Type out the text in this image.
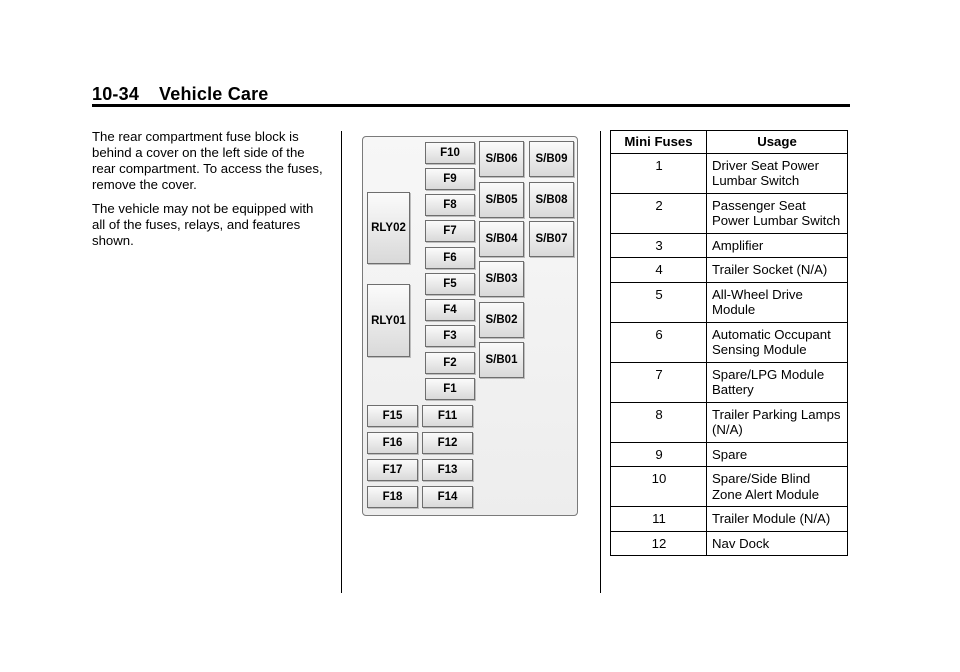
10-34 Vehicle Care
The rear compartment fuse block is behind a cover on the left side of the rear compartment. To access the fuses, remove the cover.
The vehicle may not be equipped with all of the fuses, relays, and features shown.
RLY02
RLY01
F10
F9
F8
F7
F6
F5
F4
F3
F2
F1
F15
F16
F17
F18
F11
F12
F13
F14
S/B06
S/B05
S/B04
S/B03
S/B02
S/B01
S/B09
S/B08
S/B07
Mini Fuses	Usage
1	Driver Seat Power Lumbar Switch
2	Passenger Seat Power Lumbar Switch
3	Amplifier
4	Trailer Socket (N/A)
5	All-Wheel Drive Module
6	Automatic Occupant Sensing Module
7	Spare/LPG Module Battery
8	Trailer Parking Lamps (N/A)
9	Spare
10	Spare/Side Blind Zone Alert Module
11	Trailer Module (N/A)
12	Nav Dock
